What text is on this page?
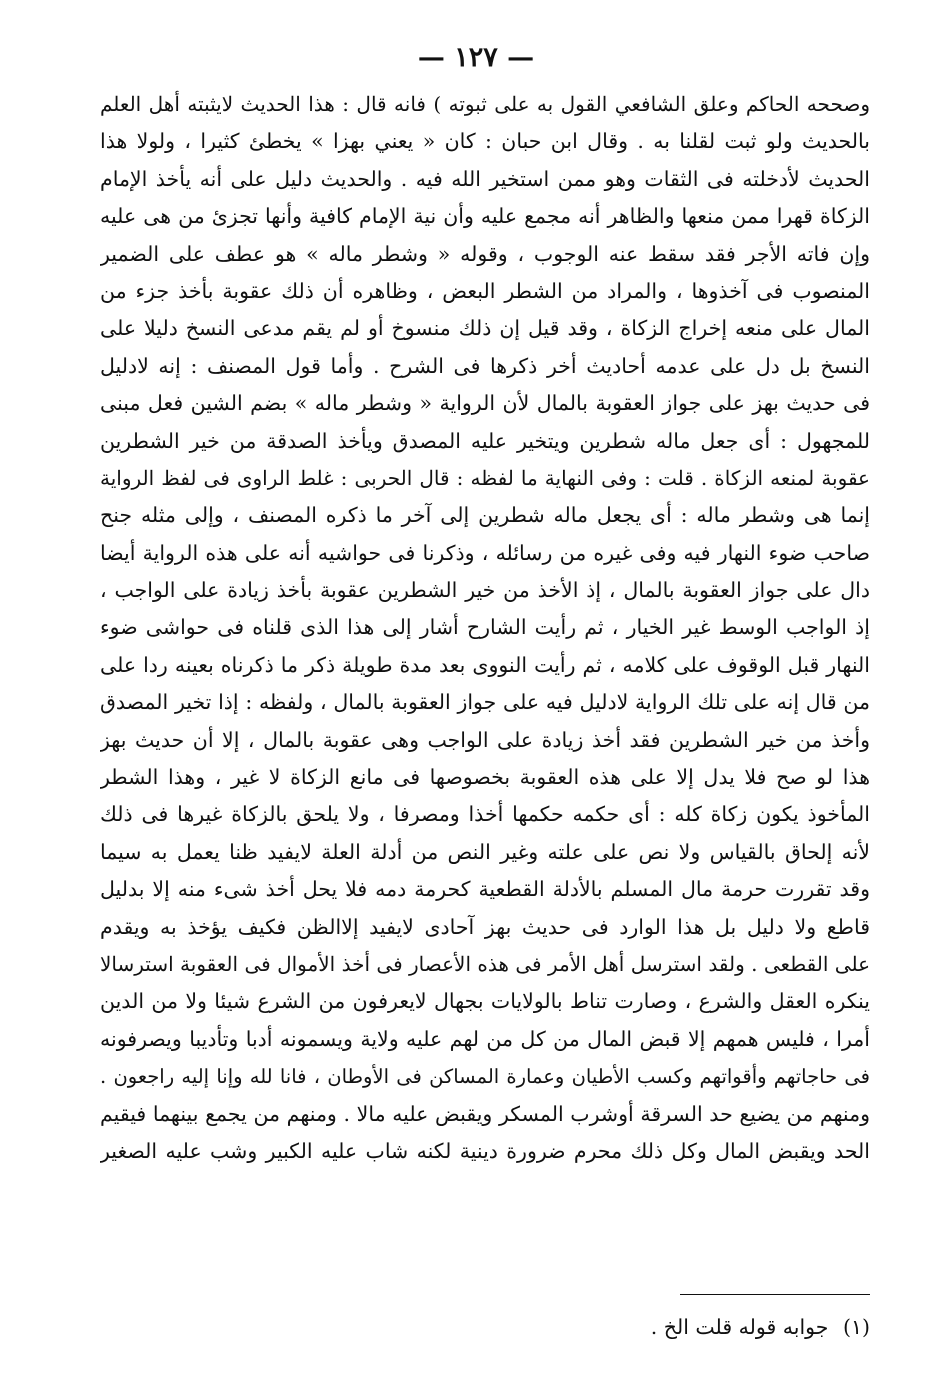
— ١٢٧ —
وصححه الحاكم وعلق الشافعي القول به على ثبوته ) فانه قال : هذا الحديث لايثبته أهل العلم
بالحديث ولو ثبت لقلنا به . وقال ابن حبان : كان « يعني بهزا » يخطئ كثيرا ، ولولا هذا
الحديث لأدخلته فى الثقات وهو ممن استخير الله فيه . والحديث دليل على أنه يأخذ الإمام
الزكاة قهرا ممن منعها والظاهر أنه مجمع عليه وأن نية الإمام كافية وأنها تجزئ من هى عليه
وإن فاته الأجر فقد سقط عنه الوجوب ، وقوله « وشطر ماله » هو عطف على الضمير
المنصوب فى آخذوها ، والمراد من الشطر البعض ، وظاهره أن ذلك عقوبة بأخذ جزء من
المال على منعه إخراج الزكاة ، وقد قيل إن ذلك منسوخ أو لم يقم مدعى النسخ دليلا على
النسخ بل دل على عدمه أحاديث أخر ذكرها فى الشرح . وأما قول المصنف : إنه لادليل
فى حديث بهز على جواز العقوبة بالمال لأن الرواية « وشطر ماله » بضم الشين فعل مبنى
للمجهول : أى جعل ماله شطرين ويتخير عليه المصدق ويأخذ الصدقة من خير الشطرين
عقوبة لمنعه الزكاة . قلت : وفى النهاية ما لفظه : قال الحربى : غلط الراوى فى لفظ الرواية
إنما هى وشطر ماله : أى يجعل ماله شطرين إلى آخر ما ذكره المصنف ، وإلى مثله جنح
صاحب ضوء النهار فيه وفى غيره من رسائله ، وذكرنا فى حواشيه أنه على هذه الرواية أيضا
دال على جواز العقوبة بالمال ، إذ الأخذ من خير الشطرين عقوبة بأخذ زيادة على الواجب ،
إذ الواجب الوسط غير الخيار ، ثم رأيت الشارح أشار إلى هذا الذى قلناه فى حواشى ضوء
النهار قبل الوقوف على كلامه ، ثم رأيت النووى بعد مدة طويلة ذكر ما ذكرناه بعينه ردا على
من قال إنه على تلك الرواية لادليل فيه على جواز العقوبة بالمال ، ولفظه : إذا تخير المصدق
وأخذ من خير الشطرين فقد أخذ زيادة على الواجب وهى عقوبة بالمال ، إلا أن حديث بهز
هذا لو صح فلا يدل إلا على هذه العقوبة بخصوصها فى مانع الزكاة لا غير ، وهذا الشطر
المأخوذ يكون زكاة كله : أى حكمه حكمها أخذا ومصرفا ، ولا يلحق بالزكاة غيرها فى ذلك
لأنه إلحاق بالقياس ولا نص على علته وغير النص من أدلة العلة لايفيد ظنا يعمل به سيما
وقد تقررت حرمة مال المسلم بالأدلة القطعية كحرمة دمه فلا يحل أخذ شىء منه إلا بدليل
قاطع ولا دليل بل هذا الوارد فى حديث بهز آحادى لايفيد إلاالظن فكيف يؤخذ به ويقدم
على القطعى . ولقد استرسل أهل الأمر فى هذه الأعصار فى أخذ الأموال فى العقوبة استرسالا
ينكره العقل والشرع ، وصارت تناط بالولايات بجهال لايعرفون من الشرع شيئا ولا من الدين
أمرا ، فليس همهم إلا قبض المال من كل من لهم عليه ولاية ويسمونه أدبا وتأديبا ويصرفونه
فى حاجاتهم وأقواتهم وكسب الأطيان وعمارة المساكن فى الأوطان ، فانا لله وإنا إليه راجعون .
ومنهم من يضيع حد السرقة أوشرب المسكر ويقبض عليه مالا . ومنهم من يجمع بينهما فيقيم
الحد ويقبض المال وكل ذلك محرم ضرورة دينية لكنه شاب عليه الكبير وشب عليه الصغير
(١) جوابه قوله قلت الخ .
